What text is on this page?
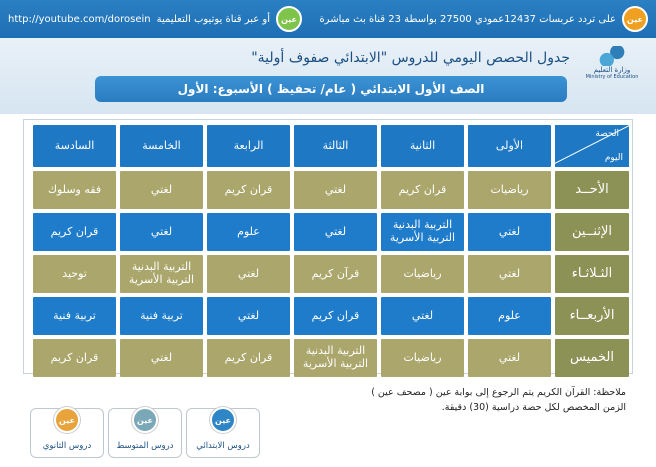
عين
على تردد عربسات 12437عمودي 27500 بواسطة 23 قناة بث مباشرة
عين
أو عبر قناة يوتيوب التعليمية
http://youtube.com/dorosein
وزارة التعليم
Ministry of Education
جدول الحصص اليومي للدروس "الابتدائي صفوف أولية"
الصف الأول الابتدائي ( عام/ تحفيظ ) الأسبوع: الأول
الحصة
اليوم
الأولى
الثانية
الثالثة
الرابعة
الخامسة
السادسة
الأحــد
رياضيات
قران كريم
لغتي
قران كريم
لغتي
فقه وسلوك
الإثنــين
لغتي
التربية البدنية
التربية الأسرية
لغتي
علوم
لغتي
قران كريم
الثـلاثـاء
لغتي
رياضيات
قرآن كريم
لغتي
التربية البدنية
التربية الأسرية
توحيد
الأربعــاء
علوم
لغتي
قران كريم
لغتي
تربية فنية
تربية فنية
الخميس
لغتي
رياضيات
التربية البدنية
التربية الأسرية
قران كريم
لغتي
قران كريم
ملاحظة: القرآن الكريم يتم الرجوع إلى بوابة عين ( مصحف عين )
الزمن المخصص لكل حصة دراسية (30) دقيقة.
عين
دروس الابتدائي
عين
دروس المتوسط
عين
دروس الثانوي
